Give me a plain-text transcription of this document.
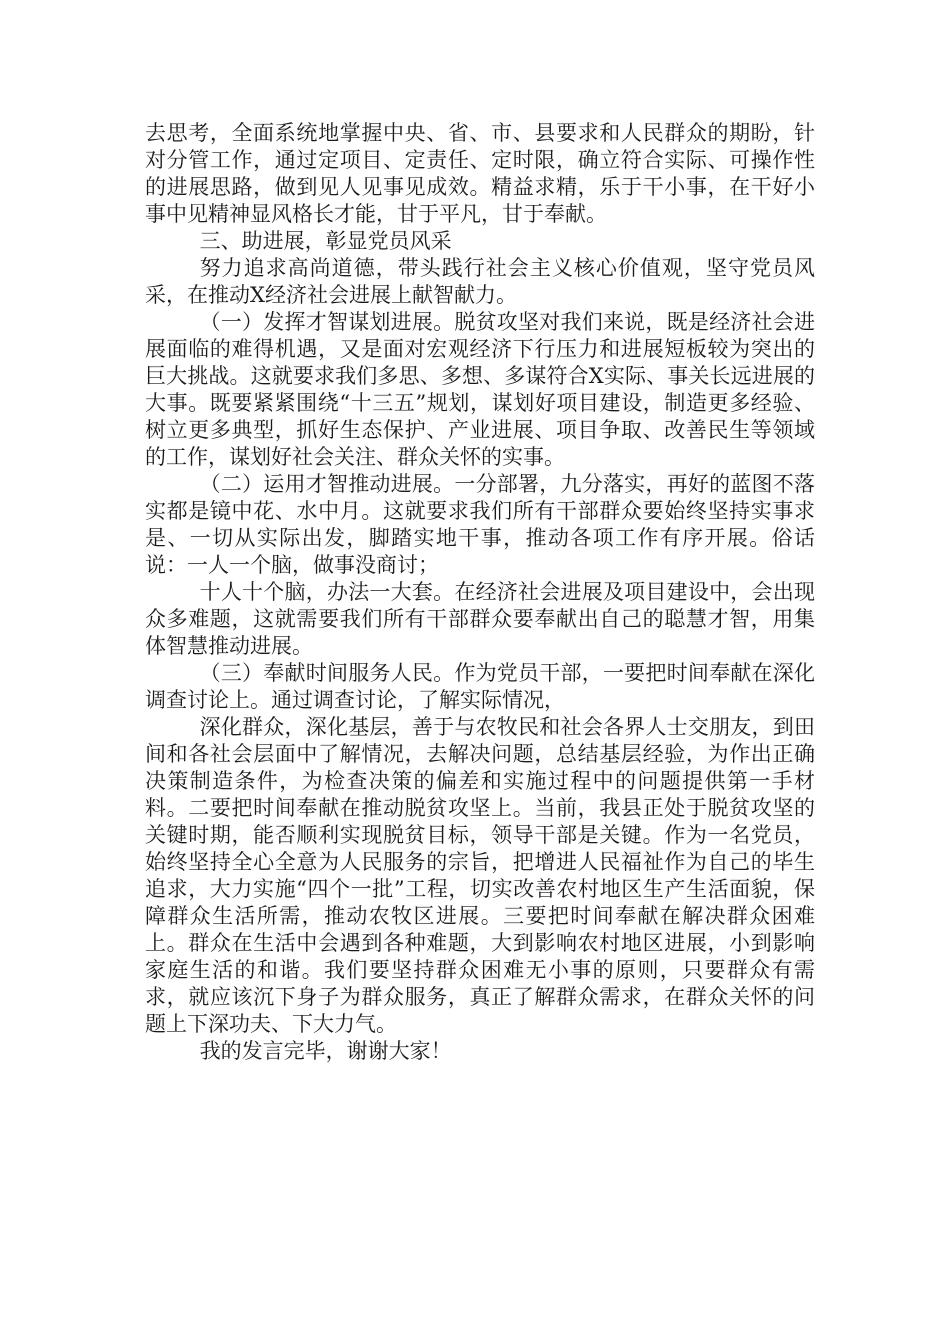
去思考，全面系统地掌握中央、省、市、县要求和人民群众的期盼，针对分管工作，通过定项目、定责任、定时限，确立符合实际、可操作性的进展思路，做到见人见事见成效。精益求精，乐于干小事，在干好小事中见精神显风格长才能，甘于平凡，甘于奉献。

三、助进展，彰显党员风采

努力追求高尚道德，带头践行社会主义核心价值观，坚守党员风采，在推动X经济社会进展上献智献力。

（一）发挥才智谋划进展。脱贫攻坚对我们来说，既是经济社会进展面临的难得机遇，又是面对宏观经济下行压力和进展短板较为突出的巨大挑战。这就要求我们多思、多想、多谋符合X实际、事关长远进展的大事。既要紧紧围绕“十三五”规划，谋划好项目建设，制造更多经验、树立更多典型，抓好生态保护、产业进展、项目争取、改善民生等领域的工作，谋划好社会关注、群众关怀的实事。

（二）运用才智推动进展。一分部署，九分落实，再好的蓝图不落实都是镜中花、水中月。这就要求我们所有干部群众要始终坚持实事求是、一切从实际出发，脚踏实地干事，推动各项工作有序开展。俗话说：一人一个脑，做事没商讨；

十人十个脑，办法一大套。在经济社会进展及项目建设中，会出现众多难题，这就需要我们所有干部群众要奉献出自己的聪慧才智，用集体智慧推动进展。

（三）奉献时间服务人民。作为党员干部，一要把时间奉献在深化调查讨论上。通过调查讨论，了解实际情况，

深化群众，深化基层，善于与农牧民和社会各界人士交朋友，到田间和各社会层面中了解情况，去解决问题，总结基层经验，为作出正确决策制造条件，为检查决策的偏差和实施过程中的问题提供第一手材料。二要把时间奉献在推动脱贫攻坚上。当前，我县正处于脱贫攻坚的关键时期，能否顺利实现脱贫目标，领导干部是关键。作为一名党员，始终坚持全心全意为人民服务的宗旨，把增进人民福祉作为自己的毕生追求，大力实施“四个一批”工程，切实改善农村地区生产生活面貌，保障群众生活所需，推动农牧区进展。三要把时间奉献在解决群众困难上。群众在生活中会遇到各种难题，大到影响农村地区进展，小到影响家庭生活的和谐。我们要坚持群众困难无小事的原则，只要群众有需求，就应该沉下身子为群众服务，真正了解群众需求，在群众关怀的问题上下深功夫、下大力气。

我的发言完毕，谢谢大家！
